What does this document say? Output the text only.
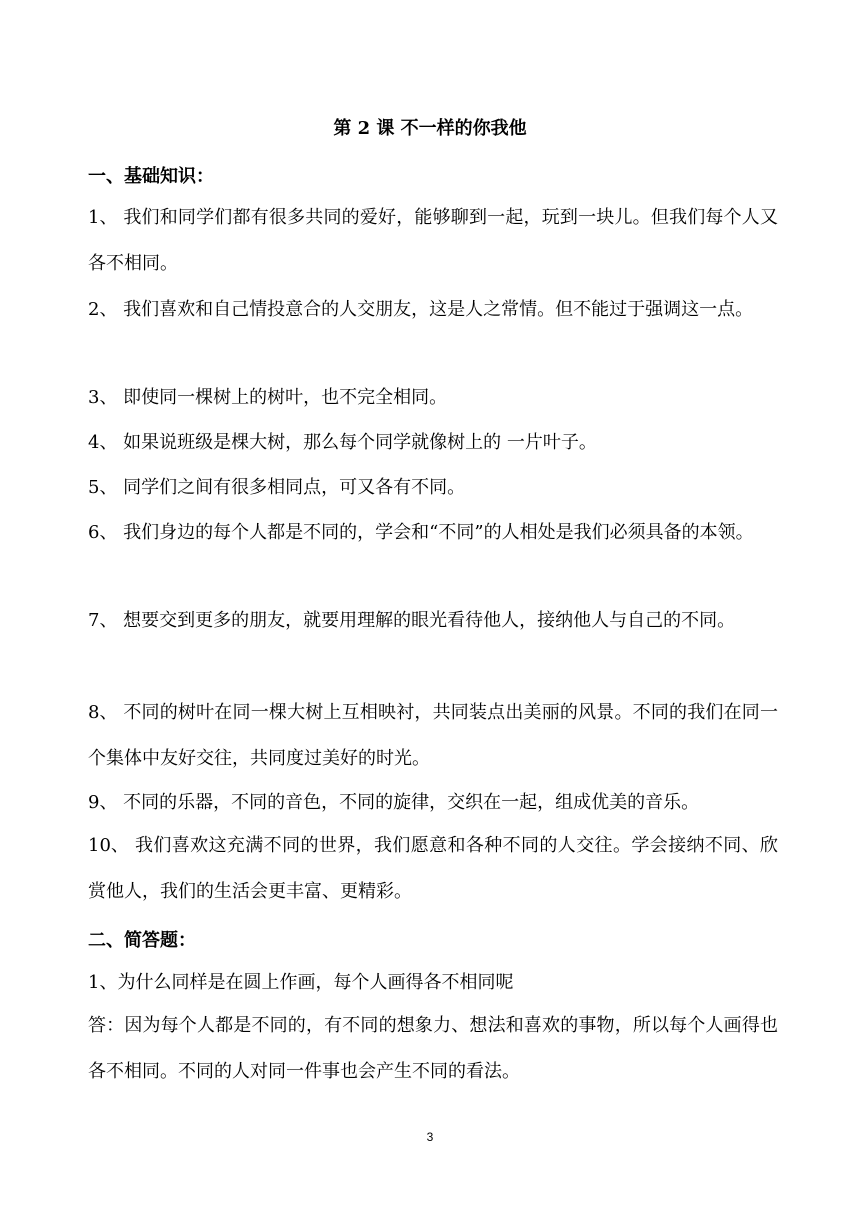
第 2 课 不一样的你我他
一、基础知识：
1、 我们和同学们都有很多共同的爱好，能够聊到一起，玩到一块儿。但我们每个人又各不相同。
2、 我们喜欢和自己情投意合的人交朋友，这是人之常情。但不能过于强调这一点。
3、 即使同一棵树上的树叶，也不完全相同。
4、 如果说班级是棵大树，那么每个同学就像树上的 一片叶子。
5、 同学们之间有很多相同点，可又各有不同。
6、 我们身边的每个人都是不同的，学会和“不同”的人相处是我们必须具备的本领。
7、 想要交到更多的朋友，就要用理解的眼光看待他人，接纳他人与自己的不同。
8、 不同的树叶在同一棵大树上互相映衬，共同装点出美丽的风景。不同的我们在同一个集体中友好交往，共同度过美好的时光。
9、 不同的乐器，不同的音色，不同的旋律，交织在一起，组成优美的音乐。
10、 我们喜欢这充满不同的世界，我们愿意和各种不同的人交往。学会接纳不同、欣赏他人，我们的生活会更丰富、更精彩。
二、简答题：
1、为什么同样是在圆上作画，每个人画得各不相同呢
答：因为每个人都是不同的，有不同的想象力、想法和喜欢的事物，所以每个人画得也各不相同。不同的人对同一件事也会产生不同的看法。
3
